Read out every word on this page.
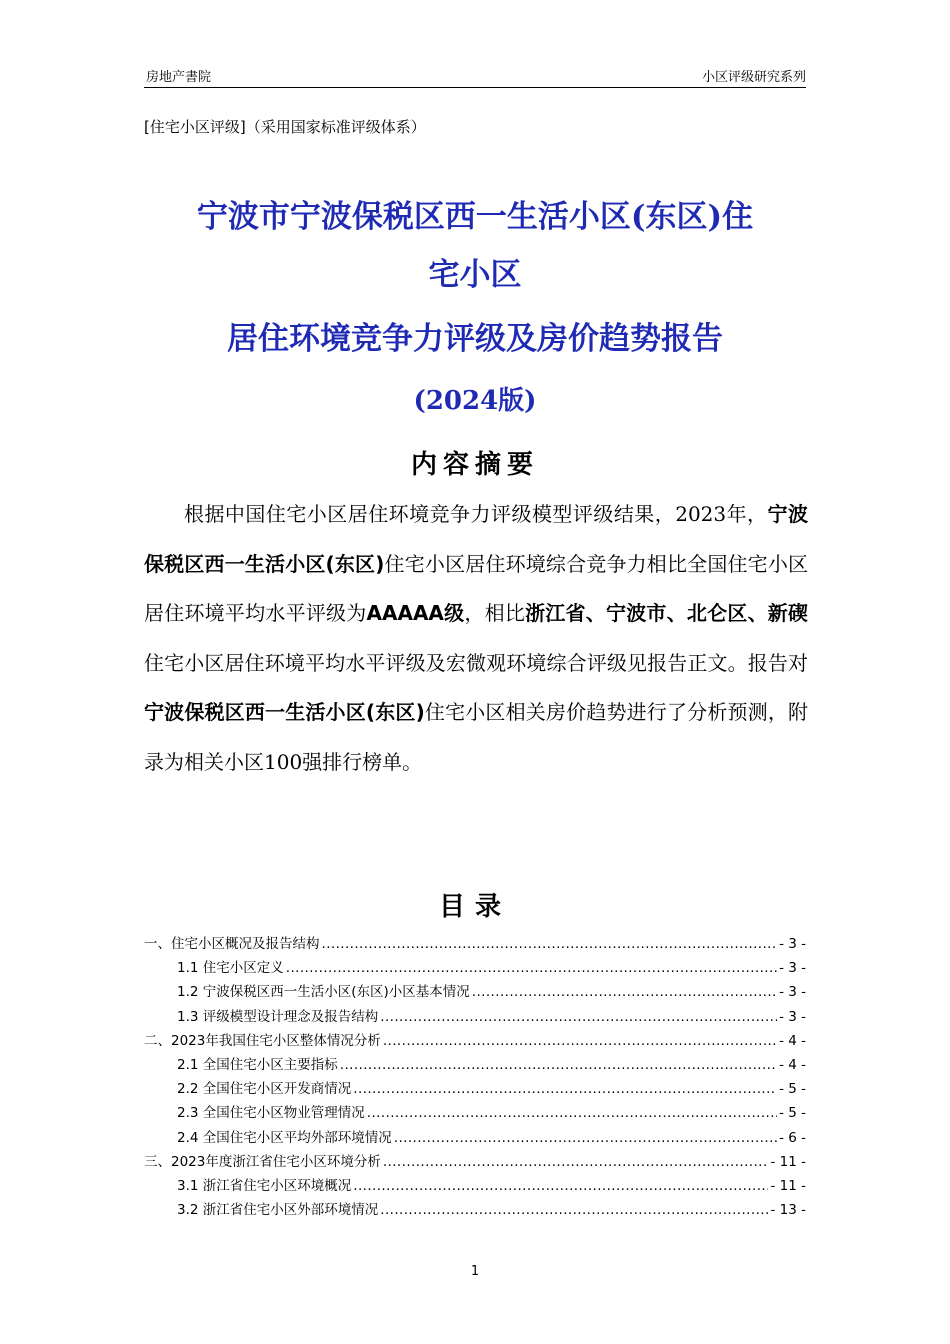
房地产書院	小区评级研究系列
[住宅小区评级]（采用国家标准评级体系）
宁波市宁波保税区西一生活小区(东区)住
宅小区
居住环境竞争力评级及房价趋势报告
(2024版)
内容摘要

根据中国住宅小区居住环境竞争力评级模型评级结果，2023年，宁波保税区西一生活小区(东区)住宅小区居住环境综合竞争力相比全国住宅小区居住环境平均水平评级为AAAAA级，相比浙江省、宁波市、北仑区、新碶住宅小区居住环境平均水平评级及宏微观环境综合评级见报告正文。报告对宁波保税区西一生活小区(东区)住宅小区相关房价趋势进行了分析预测，附录为相关小区100强排行榜单。

目录
一、住宅小区概况及报告结构 .....	- 3 -
1.1 住宅小区定义 .....	- 3 -
1.2 宁波保税区西一生活小区(东区)小区基本情况 .....	- 3 -
1.3 评级模型设计理念及报告结构 .....	- 3 -
二、2023年我国住宅小区整体情况分析 .....	- 4 -
2.1 全国住宅小区主要指标 .....	- 4 -
2.2 全国住宅小区开发商情况 .....	- 5 -
2.3 全国住宅小区物业管理情况 .....	- 5 -
2.4 全国住宅小区平均外部环境情况 .....	- 6 -
三、2023年度浙江省住宅小区环境分析 .....	- 11 -
3.1 浙江省住宅小区环境概况 .....	- 11 -
3.2 浙江省住宅小区外部环境情况 .....	- 13 -
1
